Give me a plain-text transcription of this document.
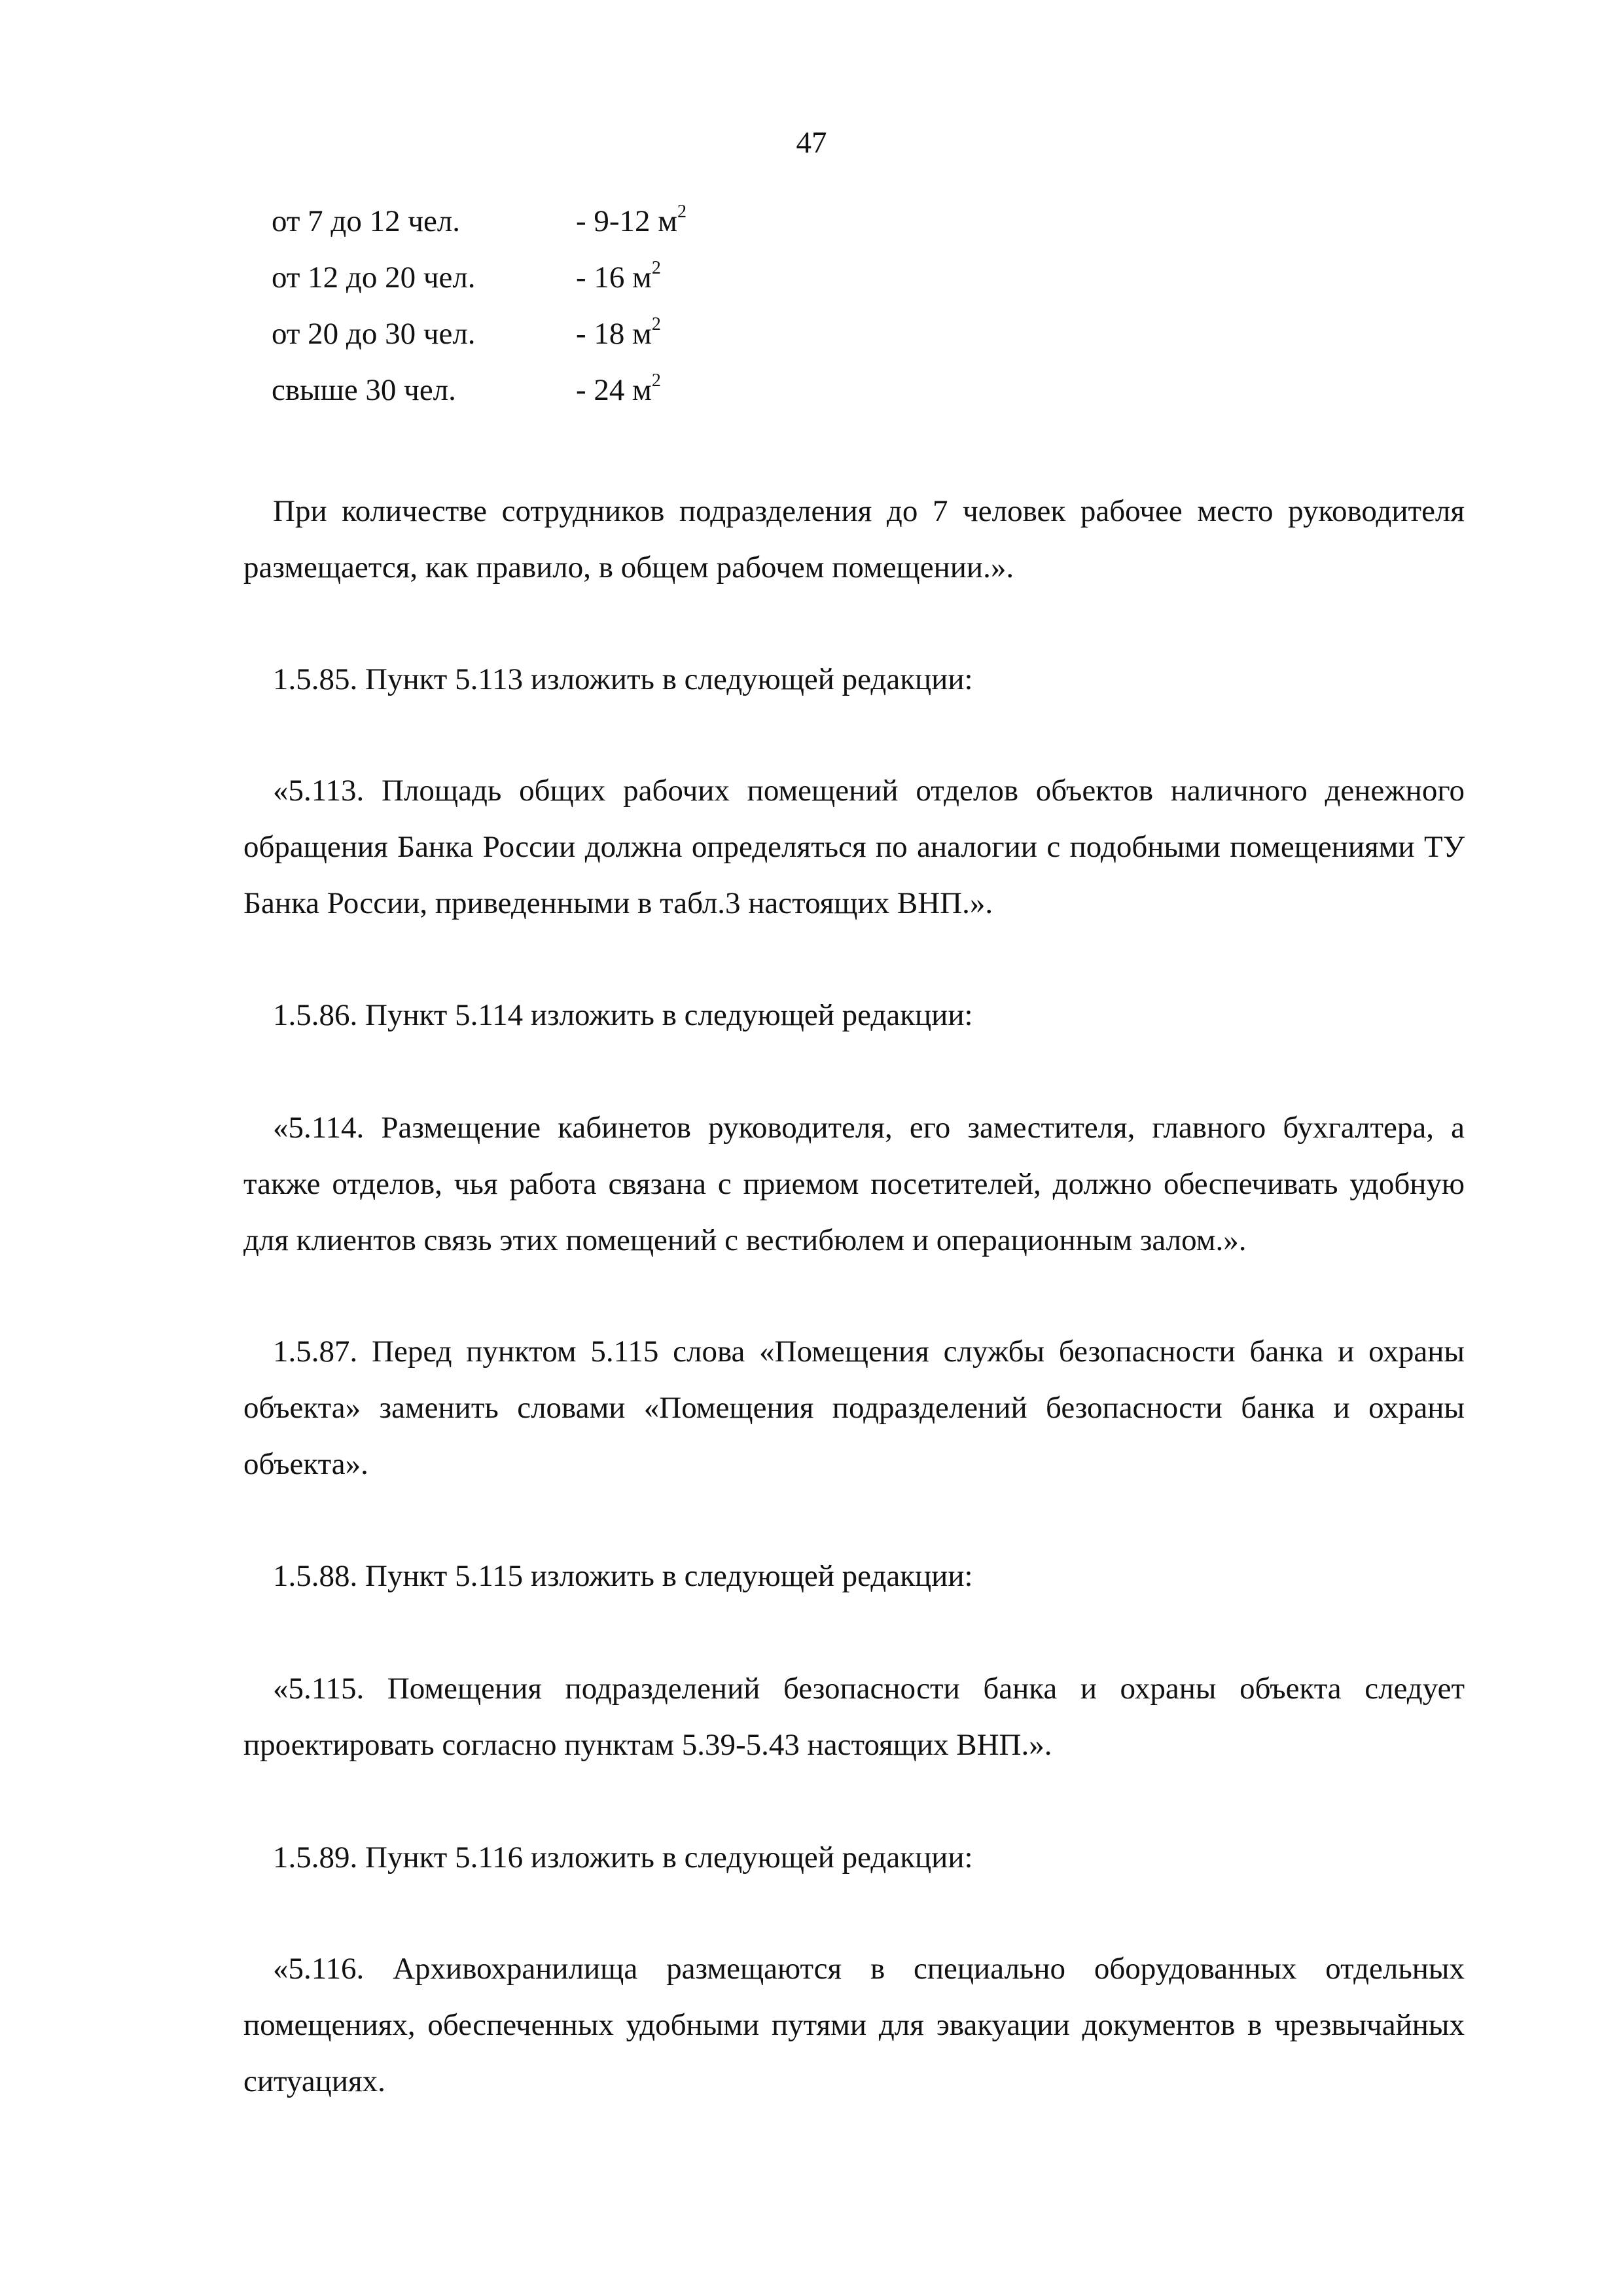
47
от 7 до 12 чел.	- 9-12 $м^2$
от 12 до 20 чел.	- 16 $м^2$
от 20 до 30 чел.	- 18 $м^2$
свыше 30 чел.	- 24 $м^2$

При количестве сотрудников подразделения до 7 человек рабочее место руководителя размещается, как правило, в общем рабочем помещении.».

1.5.85. Пункт 5.113 изложить в следующей редакции:

«5.113. Площадь общих рабочих помещений отделов объектов наличного денежного обращения Банка России должна определяться по аналогии с подобными помещениями ТУ Банка России, приведенными в табл.3 настоящих ВНП.».

1.5.86. Пункт 5.114 изложить в следующей редакции:

«5.114. Размещение кабинетов руководителя, его заместителя, главного бухгалтера, а также отделов, чья работа связана с приемом посетителей, должно обеспечивать удобную для клиентов связь этих помещений с вестибюлем и операционным залом.».

1.5.87. Перед пунктом 5.115 слова «Помещения службы безопасности банка и охраны объекта» заменить словами «Помещения подразделений безопасности банка и охраны объекта».

1.5.88. Пункт 5.115 изложить в следующей редакции:

«5.115. Помещения подразделений безопасности банка и охраны объекта следует проектировать согласно пунктам 5.39-5.43 настоящих ВНП.».

1.5.89. Пункт 5.116 изложить в следующей редакции:

«5.116. Архивохранилища размещаются в специально оборудованных отдельных помещениях, обеспеченных удобными путями для эвакуации документов в чрезвычайных ситуациях.
